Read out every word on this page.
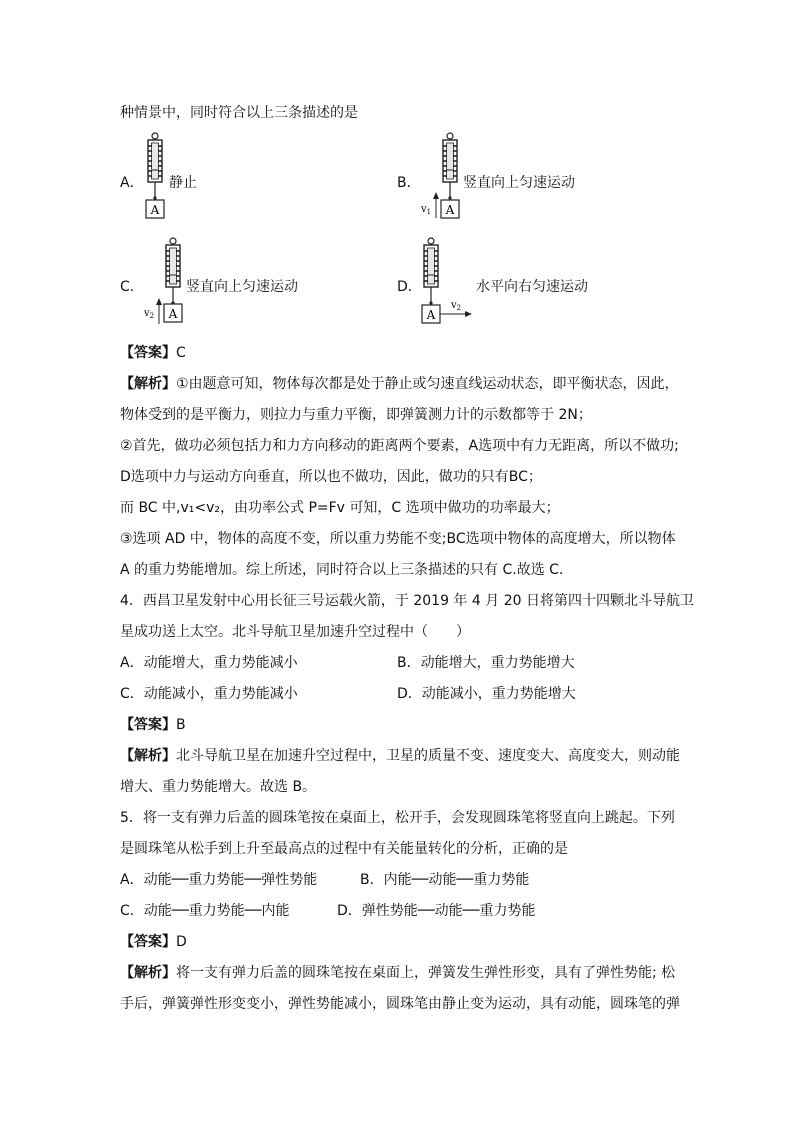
种情景中，同时符合以上三条描述的是
A	A
$v_1$
A
$v_2$	A
$v_2$
A． 静止	B．	竖直向上匀速运动
C．	竖直向上匀速运动	D．	水平向右匀速运动
【答案】C
【解析】①由题意可知，物体每次都是处于静止或匀速直线运动状态，即平衡状态，因此，
物体受到的是平衡力，则拉力与重力平衡，即弹簧测力计的示数都等于 2N；
②首先，做功必须包括力和力方向移动的距离两个要素，A选项中有力无距离，所以不做功;
D选项中力与运动方向垂直，所以也不做功，因此，做功的只有BC；
而 BC 中,v₁<v₂，由功率公式 P=Fv 可知，C 选项中做功的功率最大；
③选项 AD 中，物体的高度不变，所以重力势能不变;BC选项中物体的高度增大，所以物体
A 的重力势能增加。综上所述，同时符合以上三条描述的只有 C.故选 C.
4．西昌卫星发射中心用长征三号运载火箭，于 2019 年 4 月 20 日将第四十四颗北斗导航卫
星成功送上太空。北斗导航卫星加速升空过程中（　　）
A．动能增大，重力势能减小	B．动能增大，重力势能增大
C．动能减小，重力势能减小	D．动能减小，重力势能增大
【答案】B
【解析】北斗导航卫星在加速升空过程中，卫星的质量不变、速度变大、高度变大，则动能
增大、重力势能增大。故选 B。
5．将一支有弹力后盖的圆珠笔按在桌面上，松开手，会发现圆珠笔将竖直向上跳起。下列
是圆珠笔从松手到上升至最高点的过程中有关能量转化的分析，正确的是
A．动能──重力势能──弹性势能	B．内能──动能──重力势能
C．动能──重力势能──内能	D．弹性势能──动能──重力势能
【答案】D
【解析】将一支有弹力后盖的圆珠笔按在桌面上，弹簧发生弹性形变，具有了弹性势能; 松
手后，弹簧弹性形变变小，弹性势能减小，圆珠笔由静止变为运动，具有动能，圆珠笔的弹
